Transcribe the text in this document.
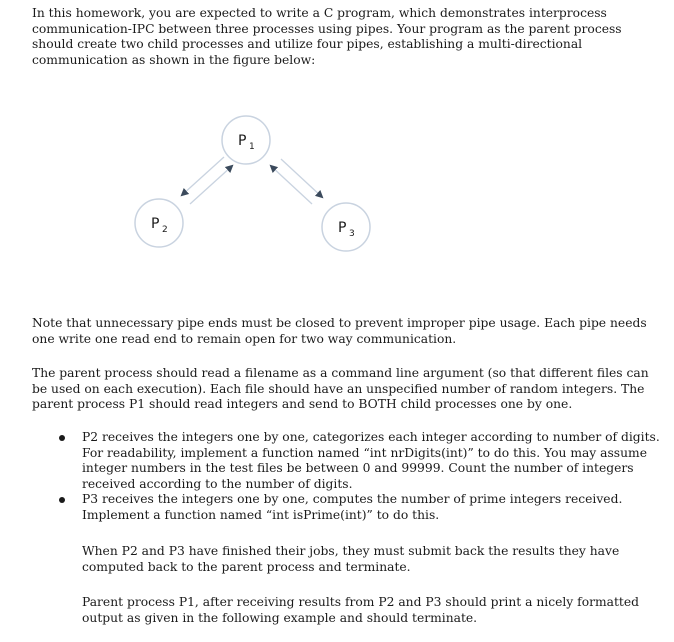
In this homework, you are expected to write a C program, which demonstrates interprocess communication-IPC between three processes using pipes. Your program as the parent process should create two child processes and utilize four pipes, establishing a multi-directional communication as shown in the figure below:

P 1
P 2	P 3

Note that unnecessary pipe ends must be closed to prevent improper pipe usage. Each pipe needs one write one read end to remain open for two way communication.

The parent process should read a filename as a command line argument (so that different files can be used on each execution). Each file should have an unspecified number of random integers. The parent process P1 should read integers and send to BOTH child processes one by one.

P2 receives the integers one by one, categorizes each integer according to number of digits. For readability, implement a function named “int nrDigits(int)” to do this. You may assume integer numbers in the test files be between 0 and 99999. Count the number of integers received according to the number of digits.
P3 receives the integers one by one, computes the number of prime integers received. Implement a function named “int isPrime(int)” to do this.

When P2 and P3 have finished their jobs, they must submit back the results they have computed back to the parent process and terminate.

Parent process P1, after receiving results from P2 and P3 should print a nicely formatted output as given in the following example and should terminate.
